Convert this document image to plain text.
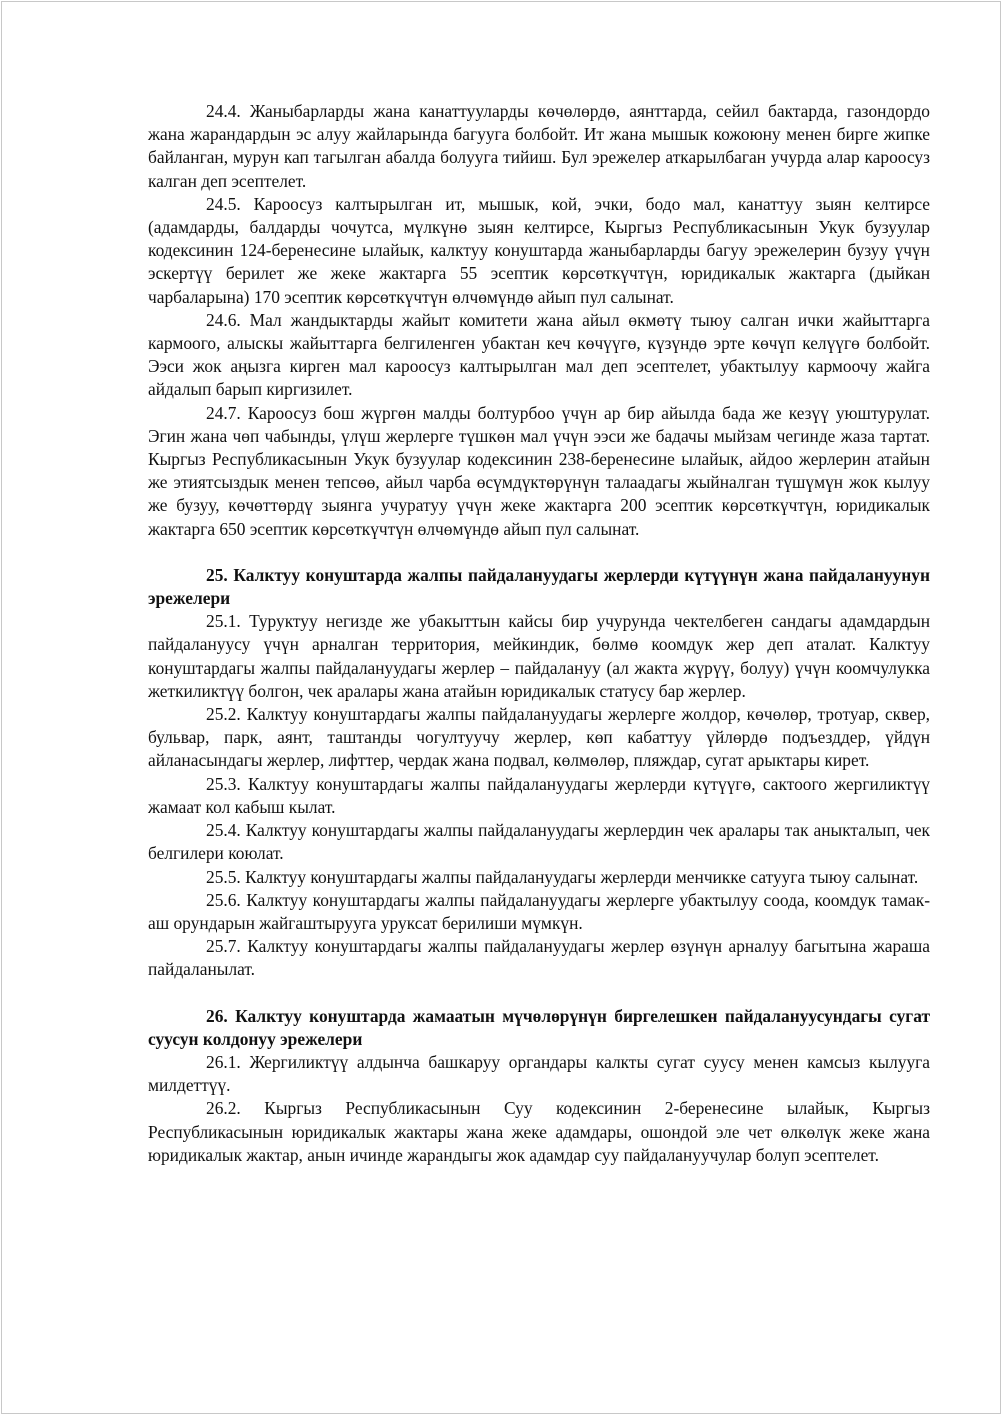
24.4. Жаныбарларды жана канаттууларды көчөлөрдө, аянттарда, сейил бактарда, газондордо жана жарандардын эс алуу жайларында багууга болбойт. Ит жана мышык кожоюну менен бирге жипке байланган, мурун кап тагылган абалда болууга тийиш. Бул эрежелер аткарылбаган учурда алар кароосуз калган деп эсептелет.

24.5. Кароосуз калтырылган ит, мышык, кой, эчки, бодо мал, канаттуу зыян келтирсе (адамдарды, балдарды чочутса, мүлкүнө зыян келтирсе, Кыргыз Республикасынын Укук бузуулар кодексинин 124-беренесине ылайык, калктуу конуштарда жаныбарларды багуу эрежелерин бузуу үчүн эскертүү берилет же жеке жактарга 55 эсептик көрсөткүчтүн, юридикалык жактарга (дыйкан чарбаларына) 170 эсептик көрсөткүчтүн өлчөмүндө айып пул салынат.

24.6. Мал жандыктарды жайыт комитети жана айыл өкмөтү тыюу салган ички жайыттарга кармоого, алыскы жайыттарга белгиленген убактан кеч көчүүгө, күзүндө эрте көчүп келүүгө болбойт. Ээси жок аңызга кирген мал кароосуз калтырылган мал деп эсептелет, убактылуу кармоочу жайга айдалып барып киргизилет.

24.7. Кароосуз бош жүргөн малды болтурбоо үчүн ар бир айылда бада же кезүү уюштурулат. Эгин жана чөп чабынды, үлүш жерлерге түшкөн мал үчүн ээси же бадачы мыйзам чегинде жаза тартат. Кыргыз Республикасынын Укук бузуулар кодексинин 238-беренесине ылайык, айдоо жерлерин атайын же этиятсыздык менен тепсөө, айыл чарба өсүмдүктөрүнүн талаадагы жыйналган түшүмүн жок кылуу же бузуу, көчөттөрдү зыянга учуратуу үчүн жеке жактарга 200 эсептик көрсөткүчтүн, юридикалык жактарга 650 эсептик көрсөткүчтүн өлчөмүндө айып пул салынат.

25. Калктуу конуштарда жалпы пайдалануудагы жерлерди күтүүнүн жана пайдалануунун эрежелери

25.1. Туруктуу негизде же убакыттын кайсы бир учурунда чектелбеген сандагы адамдардын пайдалануусу үчүн арналган территория, мейкиндик, бөлмө коомдук жер деп аталат. Калктуу конуштардагы жалпы пайдалануудагы жерлер – пайдалануу (ал жакта жүрүү, болуу) үчүн коомчулукка жеткиликтүү болгон, чек аралары жана атайын юридикалык статусу бар жерлер.

25.2. Калктуу конуштардагы жалпы пайдалануудагы жерлерге жолдор, көчөлөр, тротуар, сквер, бульвар, парк, аянт, таштанды чогултуучу жерлер, көп кабаттуу үйлөрдө подъезддер, үйдүн айланасындагы жерлер, лифттер, чердак жана подвал, көлмөлөр, пляждар, сугат арыктары кирет.

25.3. Калктуу конуштардагы жалпы пайдалануудагы жерлерди күтүүгө, сактоого жергиликтүү жамаат кол кабыш кылат.

25.4. Калктуу конуштардагы жалпы пайдалануудагы жерлердин чек аралары так аныкталып, чек белгилери коюлат.

25.5. Калктуу конуштардагы жалпы пайдалануудагы жерлерди менчикке сатууга тыюу салынат.

25.6. Калктуу конуштардагы жалпы пайдалануудагы жерлерге убактылуу соода, коомдук тамак-аш орундарын жайгаштырууга уруксат берилиши мүмкүн.

25.7. Калктуу конуштардагы жалпы пайдалануудагы жерлер өзүнүн арналуу багытына жараша пайдаланылат.

26. Калктуу конуштарда жамаатын мүчөлөрүнүн биргелешкен пайдалануусундагы сугат суусун колдонуу эрежелери

26.1. Жергиликтүү алдынча башкаруу органдары калкты сугат суусу менен камсыз кылууга милдеттүү.

26.2. Кыргыз Республикасынын Суу кодексинин 2-беренесине ылайык, Кыргыз Республикасынын юридикалык жактары жана жеке адамдары, ошондой эле чет өлкөлүк жеке жана юридикалык жактар, анын ичинде жарандыгы жок адамдар суу пайдалануучулар болуп эсептелет.
